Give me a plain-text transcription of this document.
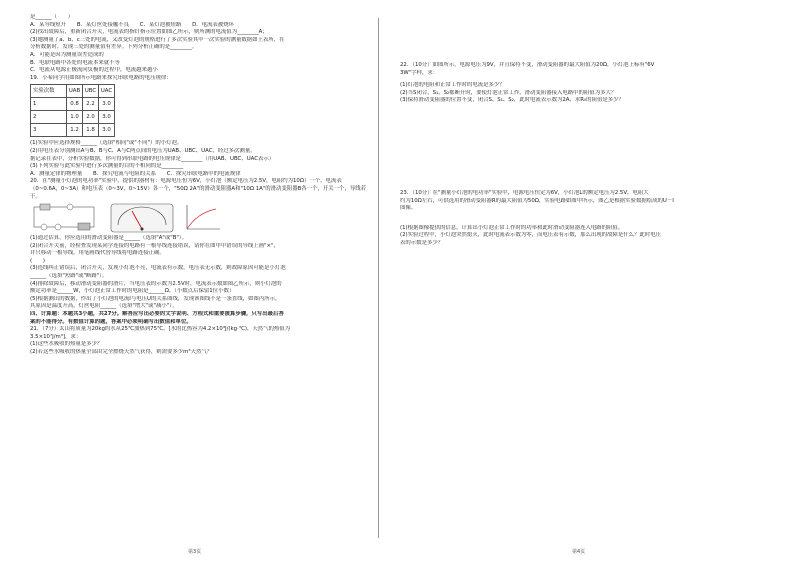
是______（　　）
A．某导线短开　　B．某灯丝处接触不良　　C．某灯泡被短路　　D．电流表被烧坏
(2)找出故障后，重新闭合开关，电流表的指针指示位置如图乙所示，则所测的电流值为________A；
(3)她测量了a、b、c三处的电流，又改变灯泡的规格进行了多次实验其中一次实验的测量数据如上表所，在
分析数据时，发现三处的测量值有差异。下列分析正确的是________。
A．可能是因为测量误差造成的
B．电联电路中各处的电流本来就不等
C．电流从电源正极流向负极的过程中，电流越来越小
19．小希同学用如图所示电路来探究串联电路的电压规律：
实验次数	UAB	UBC	UAC
1	0.8	2.2	3.0
2	1.0	2.0	3.0
3	1.2	1.8	3.0
(1)实验中应选择规格______（选填"相同"或"不同"）的小灯泡。
(2)用电压表分别测出A与B、B与C、A与C两点间的电压为UAB、UBC、UAC，经过多次测量，
据记录在表中，分析实验数据，你可得到串联电路的电压规律是________（用UAB、UBC、UAC表示）
(3)下列实验与此实验中进行多次测量的目的不相同的是________
A．测量定律的物理量　　B．探究电流与电阻的关系　　C．探究串联电路中的电流规律
20．在"测量小灯泡的电功率"实验中，提供的器材有：电源电压恒为6V，小灯泡（额定电压为2.5V，电阻约为10Ω）一个，电流表（0~0.6A，0~3A）和电压表（0~3V，0~15V）各一个，"50Ω 2A"的滑动变阻器A和"10Ω 1A"的滑动变阻器B各一个，开关一个，导线若干。
(1)通过估算，你应选用的滑动变阻器是______（选填"A"或"B"）。
(2)闭合开关前，经检查发现某同学连接的电路有一根导线连接错误，请你在图甲中错误的导线上画"×"，
并只移动一根导线，用笔画线代替导线将电路连接正确。
(　　)
(3)连线纠正错误后，闭合开关，发现小灯泡不亮，电流表有示数，电压表无示数，则故障原因可能是小灯泡
______（选填"短路"或"断路"）。
(4)排除故障后，移动滑动变阻器的滑片，当电压表的示数为2.5V时，电流表示数如图乙所示，则小灯泡的
额定功率是______W，小灯泡正常工作时的电阻是______Ω。（小数点后保留1位小数）
(5)根据测出的数据，作出了小灯泡的电流I与电压U的关系图线，发现该图线不是一条直线，如图丙所示，
其原因是温度升高，灯丝电阻______（选填"增大"或"减小"）。
四、计算题：本题共3小题，共27分。解答应写出必要的文字说明、方程式和重要演算步骤，只写出最后答
案的不能得分。有数值计算的题，答案中必须明确写出数值和单位。
21．（7分）太山将质量为20kg的水从25℃加热到75℃，[水的比热容为4.2×10³J/(kg·℃)，天然气的热值为
3.5×10⁷J/m³]，求：
(1)这些水吸收的热量是多少？
(2)若这些水吸收的热量全部由完全燃烧天然气获得，则需要多少m³天然气？
22．（10分）如图所示，电源电压为9V，并且保持不变，滑动变阻器的最大阻值为20Ω，小灯泡上标有"6V
3W"字样，求：
(1)灯泡的电阻和正常工作时的电流是多少？
(2)当S闭合，S₁、S₂都断开时，要使灯泡正常工作，滑动变阻器接入电路中的阻值为多大？
(3)保持滑动变阻器的位置不变，闭合S、S₁、S₂，此时电流表示数为2A，求R₀的阻值是多少？
23．（10分）在"测量小灯泡的电功率"实验中，电源电压恒定为6V，小灯泡L的额定电压为2.5V，电阻大
约为10Ω左右，可供选用的滑动变阻器R的最大阻值为50Ω，实验电路如图甲所示，图乙是根据实验数据绘成的U－I
图像。
(1)根据图像提供的信息，计算出小灯泡正常工作时的功率和此时滑动变阻器连入电路的阻值。
(2)实验过程中，小灯泡突然熄灭，此时电流表示数为零，而电压表有示数，那么出现的故障是什么？此时电压
表的示数是多少？
第3页	第4页
